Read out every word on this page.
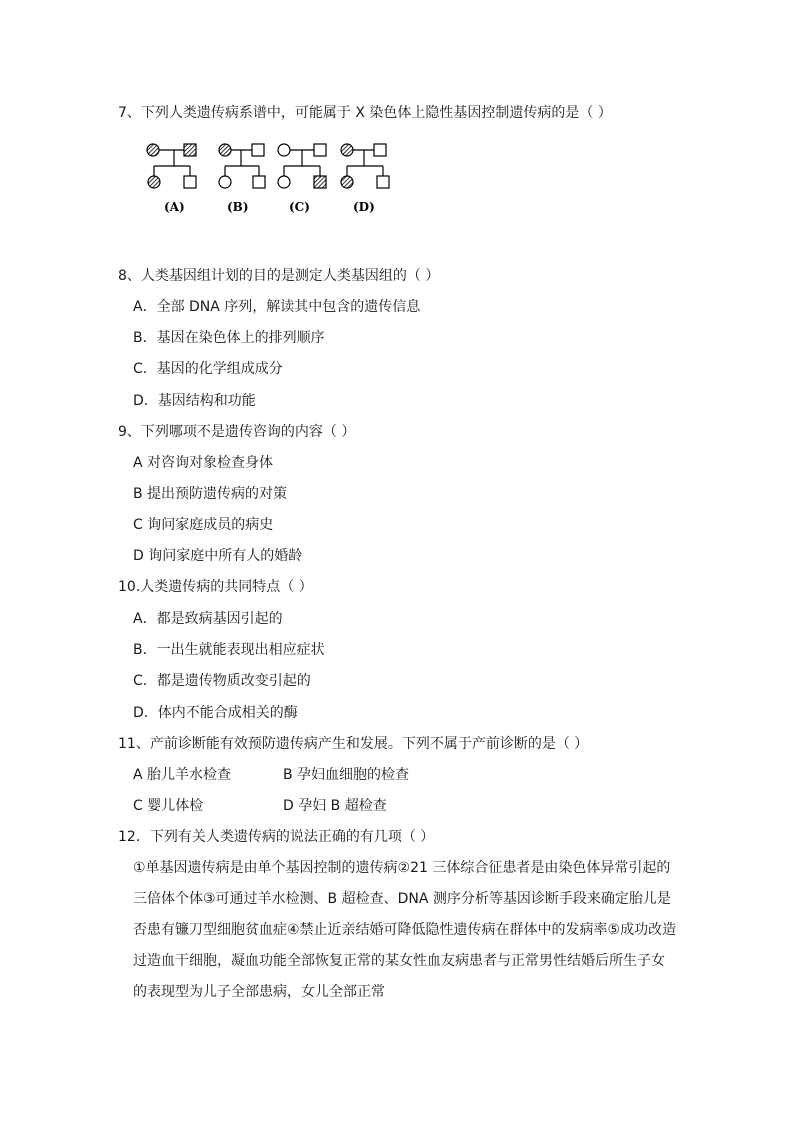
7、下列人类遗传病系谱中，可能属于 X 染色体上隐性基因控制遗传病的是（ ）
(A)	(B)	(C)	(D)
8、人类基因组计划的目的是测定人类基因组的（ ）
A．全部 DNA 序列，解读其中包含的遗传信息
B．基因在染色体上的排列顺序
C．基因的化学组成成分
D．基因结构和功能
9、下列哪项不是遗传咨询的内容（ ）
A 对咨询对象检查身体
B 提出预防遗传病的对策
C 询问家庭成员的病史
D 询问家庭中所有人的婚龄
10.人类遗传病的共同特点（ ）
A．都是致病基因引起的
B．一出生就能表现出相应症状
C．都是遗传物质改变引起的
D．体内不能合成相关的酶
11、产前诊断能有效预防遗传病产生和发展。下列不属于产前诊断的是（ ）
A 胎儿羊水检查	B 孕妇血细胞的检查
C 婴儿体检	D 孕妇 B 超检查
12．下列有关人类遗传病的说法正确的有几项（ ）
①单基因遗传病是由单个基因控制的遗传病②21 三体综合征患者是由染色体异常引起的三倍体个体③可通过羊水检测、B 超检查、DNA 测序分析等基因诊断手段来确定胎儿是否患有镰刀型细胞贫血症④禁止近亲结婚可降低隐性遗传病在群体中的发病率⑤成功改造过造血干细胞，凝血功能全部恢复正常的某女性血友病患者与正常男性结婚后所生子女的表现型为儿子全部患病，女儿全部正常
